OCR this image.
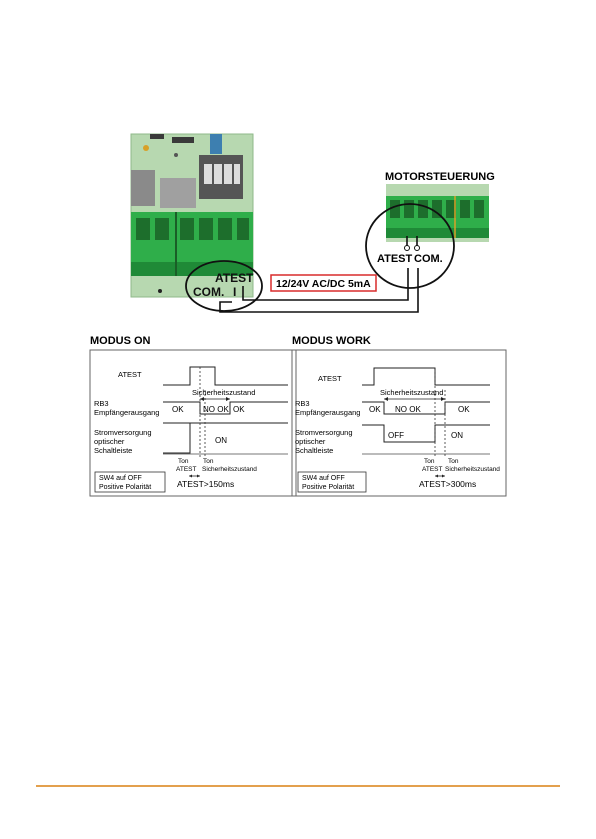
MOTORSTEUERUNG
ATEST COM.
ATEST
COM. I
12/24V AC/DC 5mA
MODUS ON
ATEST
RB3
Empfängerausgang
Stromversorgung
optischer
Schaltleiste
Sicherheitszustand
OK NO OK OK
ON
Ton
ATEST
Ton
Sicherheitszustand
SW4 auf OFF
Positive Polarität	ATEST>150ms
MODUS WORK
ATEST
RB3
Empfängerausgang
Stromversorgung
optischer
Schaltleiste
Sicherheitszustand
OK NO OK	OK
OFF	ON
Ton
ATEST
Ton
Sicherheitszustand
SW4 auf OFF
Positive Polarität	ATEST>300ms
